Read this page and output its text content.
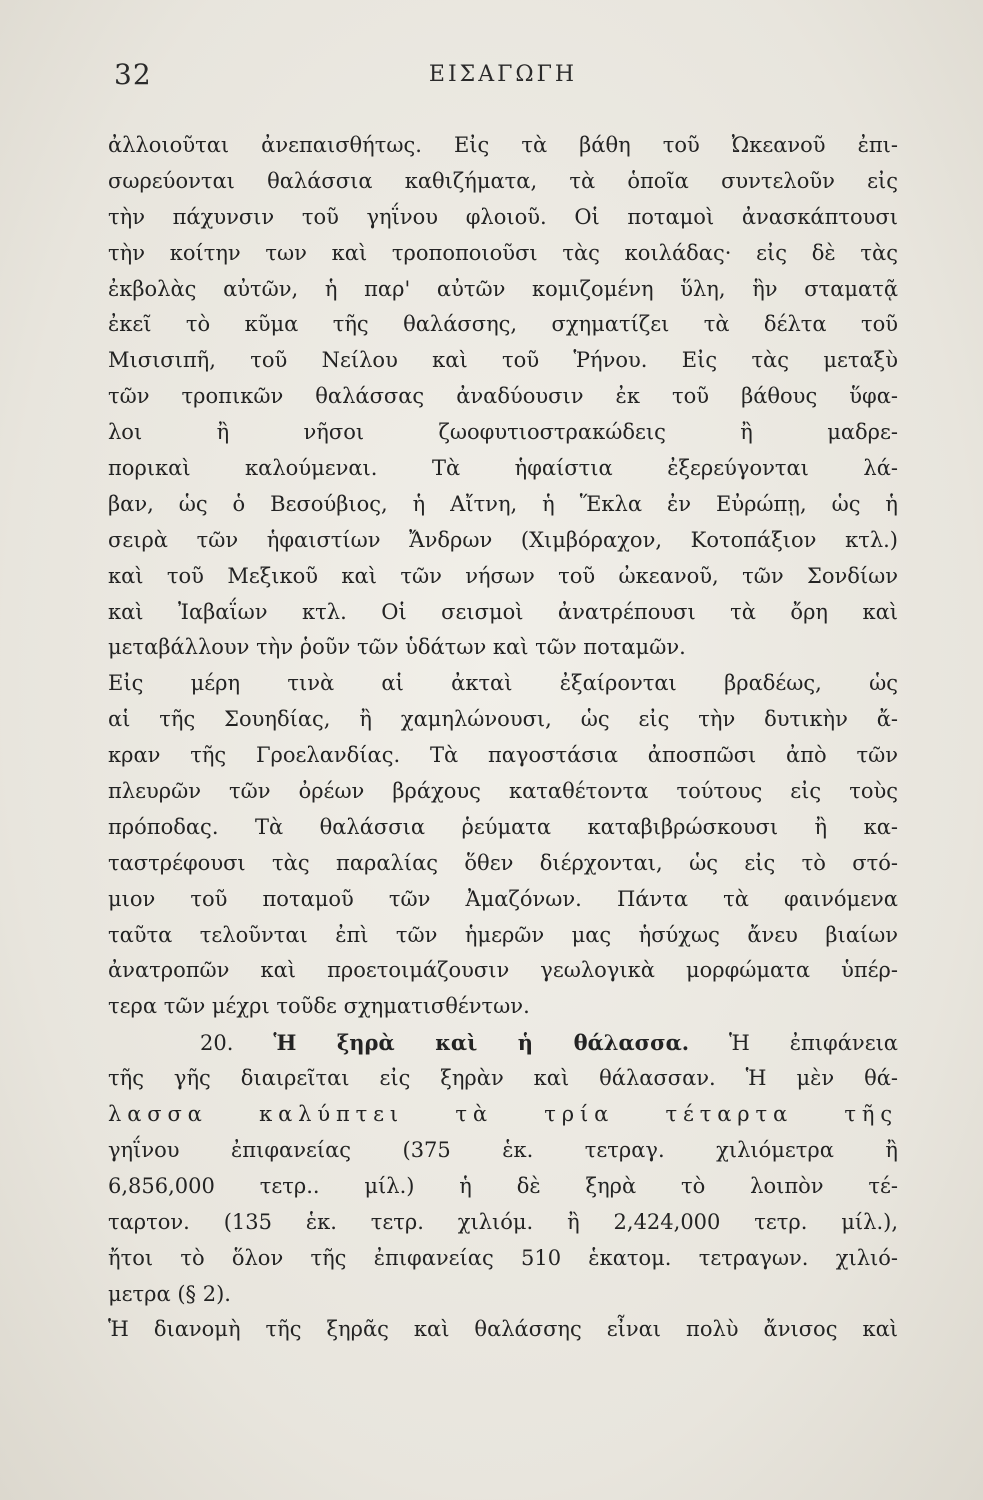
32	ΕΙΣΑΓΩΓΗ
ἀλλοιοῦται ἀνεπαισθήτως. Εἰς τὰ βάθη τοῦ Ὠκεανοῦ ἐπι-
σωρεύονται θαλάσσια καθιζήματα, τὰ ὁποῖα συντελοῦν εἰς
τὴν πάχυνσιν τοῦ γηΐνου φλοιοῦ. Οἱ ποταμοὶ ἀνασκάπτουσι
τὴν κοίτην των καὶ τροποποιοῦσι τὰς κοιλάδας· εἰς δὲ τὰς
ἐκβολὰς αὐτῶν, ἡ παρ' αὐτῶν κομιζομένη ὕλη, ἣν σταματᾷ
ἐκεῖ τὸ κῦμα τῆς θαλάσσης, σχηματίζει τὰ δέλτα τοῦ
Μισισιπῆ, τοῦ Νείλου καὶ τοῦ Ῥήνου. Εἰς τὰς μεταξὺ
τῶν τροπικῶν θαλάσσας ἀναδύουσιν ἐκ τοῦ βάθους ὕφα-
λοι ἢ νῆσοι ζωοφυτιοστρακώδεις ἢ μαδρε-
πορικαὶ καλούμεναι. Τὰ ἡφαίστια ἐξερεύγονται λά-
βαν, ὡς ὁ Βεσούβιος, ἡ Αἴτνη, ἡ Ἕκλα ἐν Εὐρώπῃ, ὡς ἡ
σειρὰ τῶν ἡφαιστίων Ἄνδρων (Χιμβόραχον, Κοτοπάξιον κτλ.)
καὶ τοῦ Μεξικοῦ καὶ τῶν νήσων τοῦ ὠκεανοῦ, τῶν Σονδίων
καὶ Ἰαβαΐων κτλ. Οἱ σεισμοὶ ἀνατρέπουσι τὰ ὄρη καὶ
μεταβάλλουν τὴν ῥοῦν τῶν ὑδάτων καὶ τῶν ποταμῶν.
Εἰς μέρη τινὰ αἱ ἀκταὶ ἐξαίρονται βραδέως, ὡς
αἱ τῆς Σουηδίας, ἢ χαμηλώνουσι, ὡς εἰς τὴν δυτικὴν ἄ-
κραν τῆς Γροελανδίας. Τὰ παγοστάσια ἀποσπῶσι ἀπὸ τῶν
πλευρῶν τῶν ὀρέων βράχους καταθέτοντα τούτους εἰς τοὺς
πρόποδας. Τὰ θαλάσσια ῥεύματα καταβιβρώσκουσι ἢ κα-
ταστρέφουσι τὰς παραλίας ὅθεν διέρχονται, ὡς εἰς τὸ στό-
μιον τοῦ ποταμοῦ τῶν Ἀμαζόνων. Πάντα τὰ φαινόμενα
ταῦτα τελοῦνται ἐπὶ τῶν ἡμερῶν μας ἡσύχως ἄνευ βιαίων
ἀνατροπῶν καὶ προετοιμάζουσιν γεωλογικὰ μορφώματα ὑπέρ-
τερα τῶν μέχρι τοῦδε σχηματισθέντων.
20. Ἡ ξηρὰ καὶ ἡ θάλασσα. Ἡ ἐπιφάνεια
τῆς γῆς διαιρεῖται εἰς ξηρὰν καὶ θάλασσαν. Ἡ μὲν θά-
λασσα καλύπτει τὰ τρία τέταρτα τῆς
γηΐνου ἐπιφανείας (375 ἑκ. τετραγ. χιλιόμετρα ἢ
6,856,000 τετρ.. μίλ.) ἡ δὲ ξηρὰ τὸ λοιπὸν τέ-
ταρτον. (135 ἑκ. τετρ. χιλιόμ. ἢ 2,424,000 τετρ. μίλ.),
ἤτοι τὸ ὅλον τῆς ἐπιφανείας 510 ἑκατομ. τετραγων. χιλιό-
μετρα (§ 2).
Ἡ διανομὴ τῆς ξηρᾶς καὶ θαλάσσης εἶναι πολὺ ἄνισος καὶ
